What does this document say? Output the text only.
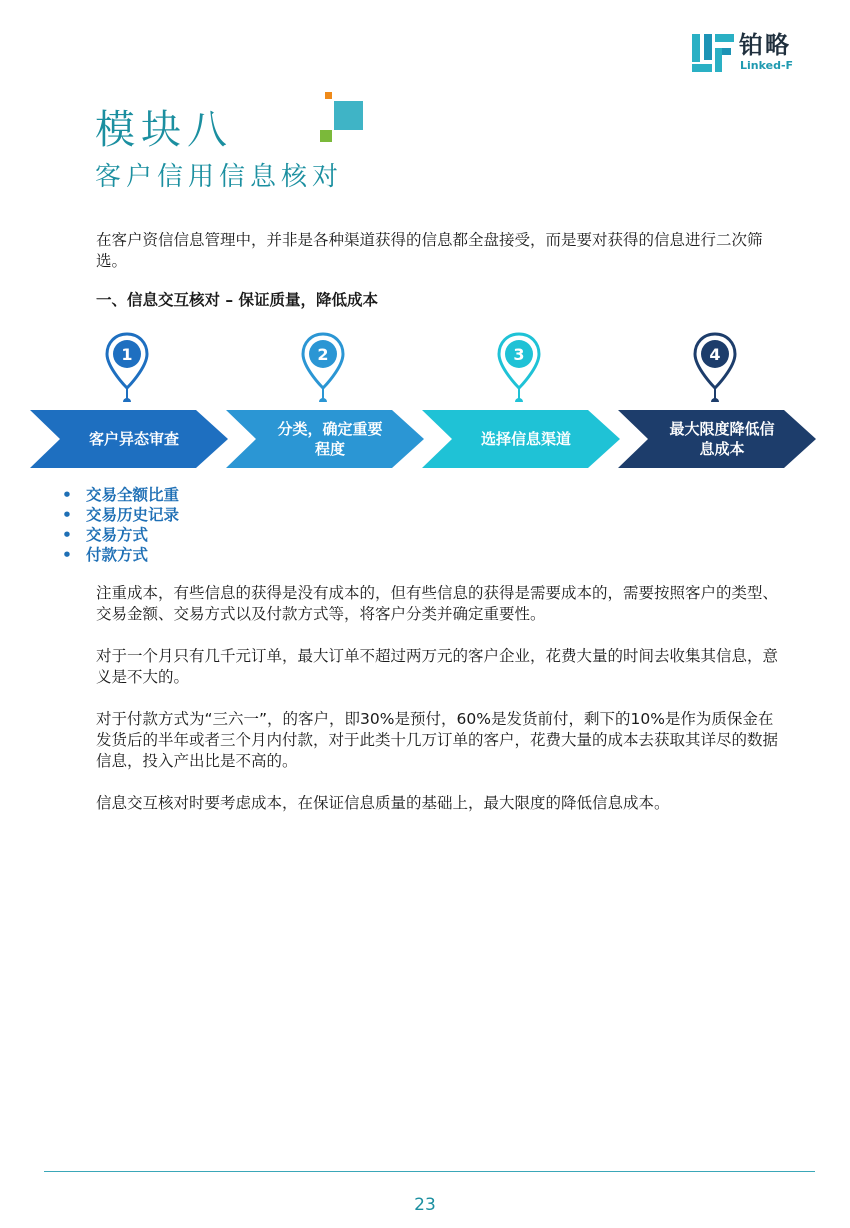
铂略
Linked-F
模块八
客户信用信息核对
在客户资信信息管理中，并非是各种渠道获得的信息都全盘接受，而是要对获得的信息进行二次筛选。
一、信息交互核对 – 保证质量，降低成本
1
客户异态审查
2
分类，确定重要程度
3
选择信息渠道
4
最大限度降低信息成本
• 交易全额比重
• 交易历史记录
• 交易方式
• 付款方式
注重成本，有些信息的获得是没有成本的，但有些信息的获得是需要成本的，需要按照客户的类型、交易金额、交易方式以及付款方式等，将客户分类并确定重要性。
对于一个月只有几千元订单，最大订单不超过两万元的客户企业，花费大量的时间去收集其信息，意义是不大的。
对于付款方式为“三六一”，的客户，即30%是预付，60%是发货前付，剩下的10%是作为质保金在发货后的半年或者三个月内付款，对于此类十几万订单的客户，花费大量的成本去获取其详尽的数据信息，投入产出比是不高的。
信息交互核对时要考虑成本，在保证信息质量的基础上，最大限度的降低信息成本。
23
